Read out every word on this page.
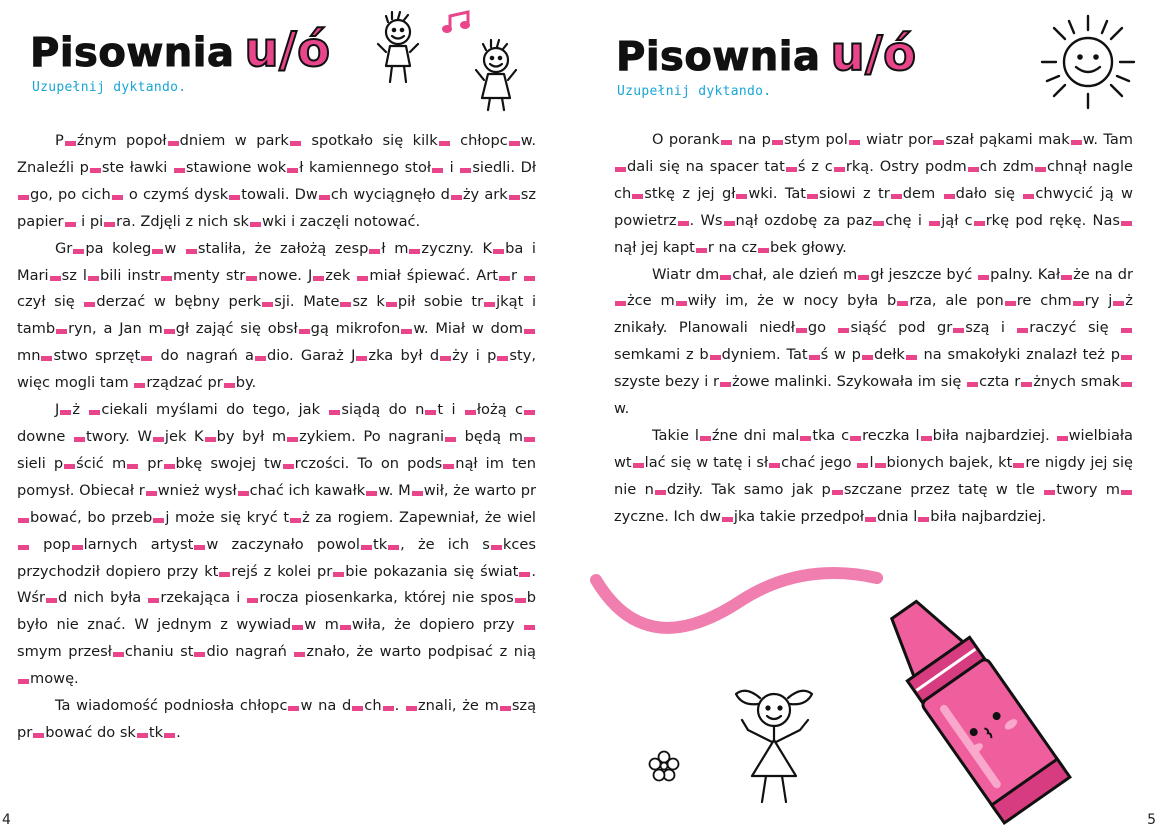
Pisownia u/ó
Uzupełnij dyktando.

P źnym popoł dniem w park spotkało się kilk chłopc w. Znaleźli p ste ławki stawione wok ł kamiennego stoł i siedli. Dłgo, po cich o czymś dysk towali. Dw ch wyciągnęło d ży ark sz papier i pi ra. Zdjęli z nich sk wki i zaczęli notować.

Gr pa koleg w staliła, że założą zesp ł m zyczny. K ba i Mari sz l bili instr menty str nowe. J zek miał śpiewać. Art r czył się derzać w bębny perk sji. Mate sz k pił sobie tr jkąt i tamb ryn, a Jan m gł zająć się obsł gą mikrofon w. Miał w dom mn stwo sprzęt do nagrań a dio. Garaż J zka był d ży i p sty, więc mogli tam rządzać pr by.

J ż ciekali myślami do tego, jak siądą do n t i łożą cdowne twory. W jek K by był m zykiem. Po nagrani będą msieli p ścić m pr bkę swojej tw rczości. To on pods nął im ten pomysł. Obiecał r wnież wysł chać ich kawałk w. M wił, że warto prbować, bo przeb j może się kryć t ż za rogiem. Zapewniał, że wiel pop larnych artyst w zaczynało powol tk , że ich s kces przychodził dopiero przy kt rejś z kolei pr bie pokazania się świat . Wśr d nich była rzekająca i rocza piosenkarka, której nie spos b było nie znać. W jednym z wywiad w m wiła, że dopiero przy smym przesł chaniu st dio nagrań znało, że warto podpisać z nią mowę.

Ta wiadomość podniosła chłopc w na d ch . znali, że m szą pr bować do sk tk .

4
Pisownia u/ó
Uzupełnij dyktando.

O porank na p stym pol wiatr por szał pąkami mak w. Tam dali się na spacer tat ś z c rką. Ostry podm ch zdm chnął nagle ch stkę z jej gł wki. Tat siowi z tr dem dało się chwycić ją w powietrz . Ws nął ozdobę za paz chę i jął c rkę pod rękę. Nasnął jej kapt r na cz bek głowy.

Wiatr dm chał, ale dzień m gł jeszcze być palny. Kał że na drżce m wiły im, że w nocy była b rza, ale pon re chm ry j ż znikały. Planowali niedł go siąść pod gr szą i raczyć się semkami z b dyniem. Tat ś w p dełk na smakołyki znalazł też pszyste bezy i r żowe malinki. Szykowała im się czta r żnych smakw.

Takie l źne dni mal tka c reczka l biła najbardziej. wielbiała wt lać się w tatę i sł chać jego l bionych bajek, kt re nigdy jej się nie n dziły. Tak samo jak p szczane przez tatę w tle twory mzyczne. Ich dw jka takie przedpoł dnia l biła najbardziej.

5
